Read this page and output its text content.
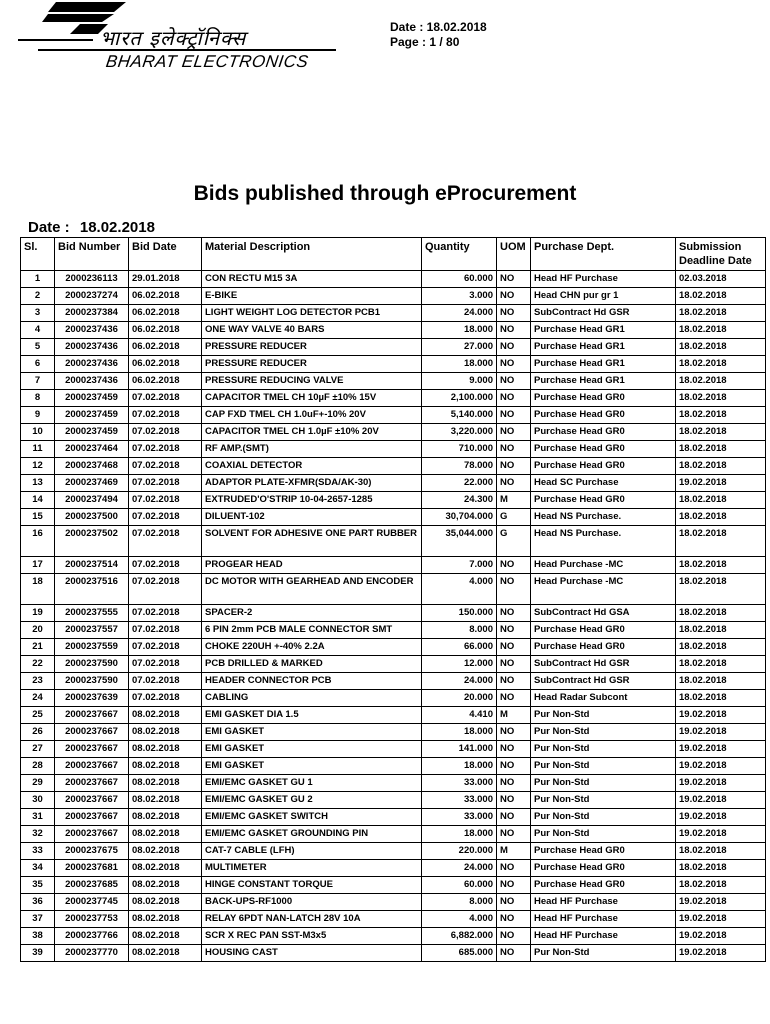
भारत इलेक्ट्रॉनिक्स
BHARAT ELECTRONICS
Date : 18.02.2018
Page : 1 / 80
Bids published through eProcurement
Date : 18.02.2018
Sl.	Bid Number	Bid Date	Material Description	Quantity	UOM	Purchase Dept.	Submission Deadline Date
1	2000236113	29.01.2018	CON RECTU M15 3A	60.000	NO	Head HF Purchase	02.03.2018
2	2000237274	06.02.2018	E-BIKE	3.000	NO	Head CHN pur gr 1	18.02.2018
3	2000237384	06.02.2018	LIGHT WEIGHT LOG DETECTOR PCB1	24.000	NO	SubContract Hd GSR	18.02.2018
4	2000237436	06.02.2018	ONE WAY VALVE 40 BARS	18.000	NO	Purchase Head GR1	18.02.2018
5	2000237436	06.02.2018	PRESSURE REDUCER	27.000	NO	Purchase Head GR1	18.02.2018
6	2000237436	06.02.2018	PRESSURE REDUCER	18.000	NO	Purchase Head GR1	18.02.2018
7	2000237436	06.02.2018	PRESSURE REDUCING VALVE	9.000	NO	Purchase Head GR1	18.02.2018
8	2000237459	07.02.2018	CAPACITOR TMEL CH 10µF ±10% 15V	2,100.000	NO	Purchase Head GR0	18.02.2018
9	2000237459	07.02.2018	CAP FXD TMEL CH 1.0uF+-10% 20V	5,140.000	NO	Purchase Head GR0	18.02.2018
10	2000237459	07.02.2018	CAPACITOR TMEL CH 1.0µF ±10% 20V	3,220.000	NO	Purchase Head GR0	18.02.2018
11	2000237464	07.02.2018	RF AMP.(SMT)	710.000	NO	Purchase Head GR0	18.02.2018
12	2000237468	07.02.2018	COAXIAL DETECTOR	78.000	NO	Purchase Head GR0	18.02.2018
13	2000237469	07.02.2018	ADAPTOR PLATE-XFMR(SDA/AK-30)	22.000	NO	Head SC Purchase	19.02.2018
14	2000237494	07.02.2018	EXTRUDED'O'STRIP 10-04-2657-1285	24.300	M	Purchase Head GR0	18.02.2018
15	2000237500	07.02.2018	DILUENT-102	30,704.000	G	Head NS Purchase.	18.02.2018
16	2000237502	07.02.2018	SOLVENT FOR ADHESIVE ONE PART RUBBER	35,044.000	G	Head NS Purchase.	18.02.2018
17	2000237514	07.02.2018	PROGEAR HEAD	7.000	NO	Head Purchase -MC	18.02.2018
18	2000237516	07.02.2018	DC MOTOR WITH GEARHEAD AND ENCODER	4.000	NO	Head Purchase -MC	18.02.2018
19	2000237555	07.02.2018	SPACER-2	150.000	NO	SubContract Hd GSA	18.02.2018
20	2000237557	07.02.2018	6 PIN 2mm PCB MALE CONNECTOR SMT	8.000	NO	Purchase Head GR0	18.02.2018
21	2000237559	07.02.2018	CHOKE 220UH +-40% 2.2A	66.000	NO	Purchase Head GR0	18.02.2018
22	2000237590	07.02.2018	PCB DRILLED & MARKED	12.000	NO	SubContract Hd GSR	18.02.2018
23	2000237590	07.02.2018	HEADER CONNECTOR PCB	24.000	NO	SubContract Hd GSR	18.02.2018
24	2000237639	07.02.2018	CABLING	20.000	NO	Head Radar Subcont	18.02.2018
25	2000237667	08.02.2018	EMI GASKET DIA 1.5	4.410	M	Pur Non-Std	19.02.2018
26	2000237667	08.02.2018	EMI GASKET	18.000	NO	Pur Non-Std	19.02.2018
27	2000237667	08.02.2018	EMI GASKET	141.000	NO	Pur Non-Std	19.02.2018
28	2000237667	08.02.2018	EMI GASKET	18.000	NO	Pur Non-Std	19.02.2018
29	2000237667	08.02.2018	EMI/EMC GASKET GU 1	33.000	NO	Pur Non-Std	19.02.2018
30	2000237667	08.02.2018	EMI/EMC GASKET GU 2	33.000	NO	Pur Non-Std	19.02.2018
31	2000237667	08.02.2018	EMI/EMC GASKET SWITCH	33.000	NO	Pur Non-Std	19.02.2018
32	2000237667	08.02.2018	EMI/EMC GASKET GROUNDING PIN	18.000	NO	Pur Non-Std	19.02.2018
33	2000237675	08.02.2018	CAT-7 CABLE (LFH)	220.000	M	Purchase Head GR0	18.02.2018
34	2000237681	08.02.2018	MULTIMETER	24.000	NO	Purchase Head GR0	18.02.2018
35	2000237685	08.02.2018	HINGE CONSTANT TORQUE	60.000	NO	Purchase Head GR0	18.02.2018
36	2000237745	08.02.2018	BACK-UPS-RF1000	8.000	NO	Head HF Purchase	19.02.2018
37	2000237753	08.02.2018	RELAY 6PDT NAN-LATCH 28V 10A	4.000	NO	Head HF Purchase	19.02.2018
38	2000237766	08.02.2018	SCR X REC PAN SST-M3x5	6,882.000	NO	Head HF Purchase	19.02.2018
39	2000237770	08.02.2018	HOUSING CAST	685.000	NO	Pur Non-Std	19.02.2018
